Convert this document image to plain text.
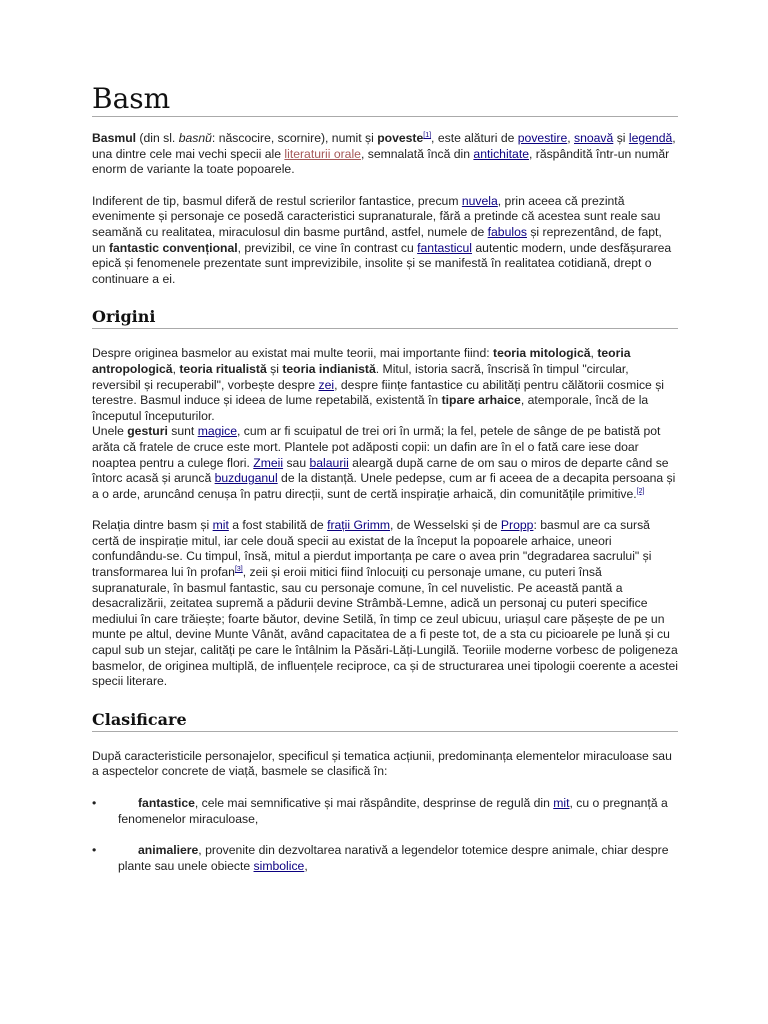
Basm

Basmul (din sl. basnŭ: născocire, scornire), numit și poveste[1], este alături de povestire, snoavă și legendă, una dintre cele mai vechi specii ale literaturii orale, semnalată încă din antichitate, răspândită într-un număr enorm de variante la toate popoarele.

Indiferent de tip, basmul diferă de restul scrierilor fantastice, precum nuvela, prin aceea că prezintă evenimente și personaje ce posedă caracteristici supranaturale, fără a pretinde că acestea sunt reale sau seamănă cu realitatea, miraculosul din basme purtând, astfel, numele de fabulos și reprezentând, de fapt, un fantastic convențional, previzibil, ce vine în contrast cu fantasticul autentic modern, unde desfășurarea epică și fenomenele prezentate sunt imprevizibile, insolite și se manifestă în realitatea cotidiană, drept o continuare a ei.

Origini

Despre originea basmelor au existat mai multe teorii, mai importante fiind: teoria mitologică, teoria antropologică, teoria ritualistă și teoria indianistă. Mitul, istoria sacră, înscrisă în timpul "circular, reversibil și recuperabil", vorbește despre zei, despre ființe fantastice cu abilități pentru călătorii cosmice și terestre. Basmul induce și ideea de lume repetabilă, existentă în tipare arhaice, atemporale, încă de la începutul începuturilor.

Unele gesturi sunt magice, cum ar fi scuipatul de trei ori în urmă; la fel, petele de sânge de pe batistă pot arăta că fratele de cruce este mort. Plantele pot adăposti copii: un dafin are în el o fată care iese doar noaptea pentru a culege flori. Zmeii sau balaurii aleargă după carne de om sau o miros de departe când se întorc acasă și aruncă buzduganul de la distanță. Unele pedepse, cum ar fi aceea de a decapita persoana și a o arde, aruncând cenușa în patru direcții, sunt de certă inspirație arhaică, din comunitățile primitive.[2]

Relația dintre basm și mit a fost stabilită de frații Grimm, de Wesselski și de Propp: basmul are ca sursă certă de inspirație mitul, iar cele două specii au existat de la început la popoarele arhaice, uneori confundându-se. Cu timpul, însă, mitul a pierdut importanța pe care o avea prin "degradarea sacrului" și transformarea lui în profan[3], zeii și eroii mitici fiind înlocuiți cu personaje umane, cu puteri însă supranaturale, în basmul fantastic, sau cu personaje comune, în cel nuvelistic. Pe această pantă a desacralizării, zeitatea supremă a pădurii devine Strâmbă-Lemne, adică un personaj cu puteri specifice mediului în care trăiește; foarte băutor, devine Setilă, în timp ce zeul ubicuu, uriașul care pășește de pe un munte pe altul, devine Munte Vânăt, având capacitatea de a fi peste tot, de a sta cu picioarele pe lună și cu capul sub un stejar, calități pe care le întâlnim la Păsări-Lăți-Lungilă. Teoriile moderne vorbesc de poligeneza basmelor, de originea multiplă, de influențele reciproce, ca și de structurarea unei tipologii coerente a acestei specii literare.

Clasificare

După caracteristicile personajelor, specificul și tematica acțiunii, predominanța elementelor miraculoase sau a aspectelor concrete de viață, basmele se clasifică în:

•	fantastice, cele mai semnificative și mai răspândite, desprinse de regulă din mit, cu o pregnanță a fenomenelor miraculoase,
•	animaliere, provenite din dezvoltarea narativă a legendelor totemice despre animale, chiar despre plante sau unele obiecte simbolice,
